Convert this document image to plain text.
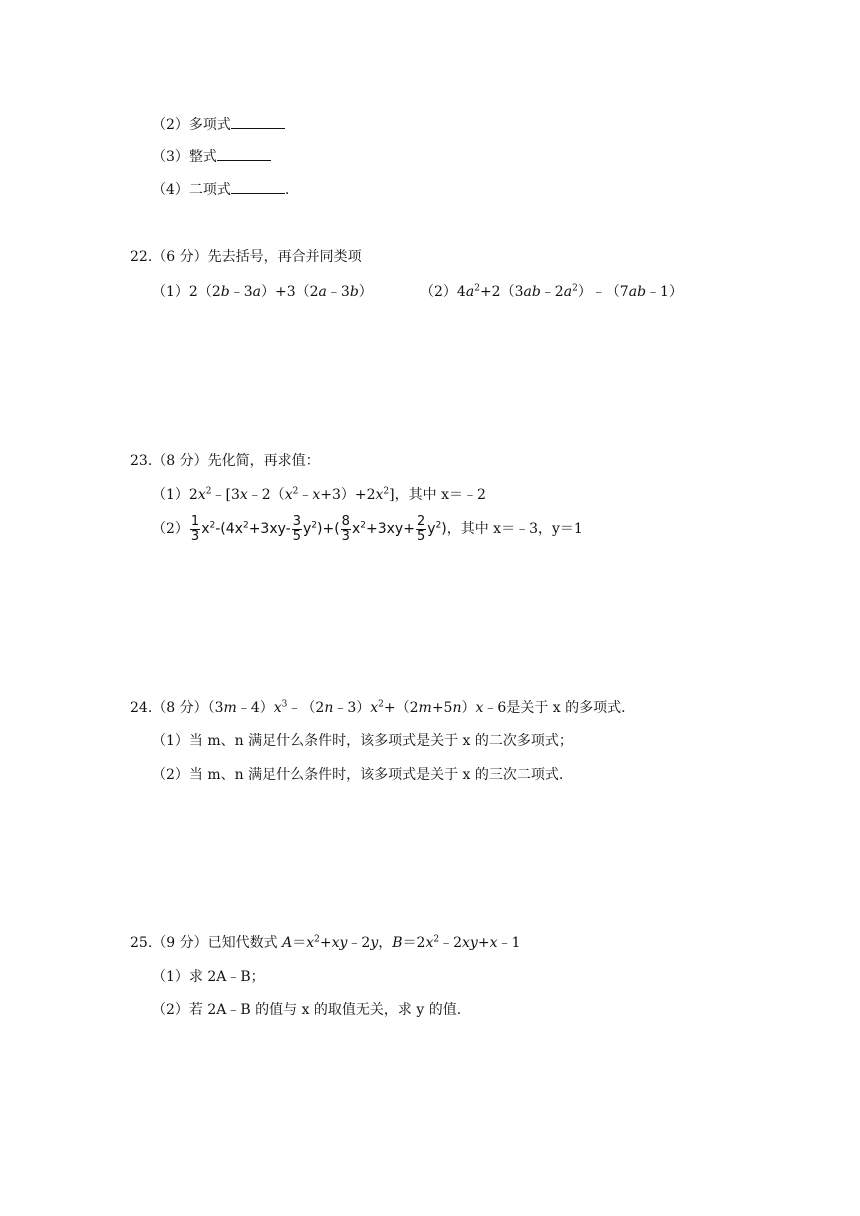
（2）多项式
（3）整式
（4）二项式	.
22.（6 分）先去括号，再合并同类项
（1）2（2b﹣3a）+3（2a﹣3b）	$(2)4a^2+2(3ab﹣2a^2)﹣(7ab﹣1)$
23.（8 分）先化简，再求值：
$(1)2x^2﹣[3x﹣2(x^2﹣x+3)+2x^2]$，其中 x＝﹣2
$(2) \frac{1}{3} x^2-(4x^2+3xy- \frac{3}{5} y^2)+( \frac{8}{3} x^2+3xy+ \frac{2}{5} y^2)$，其中 x＝﹣3，y＝1
24.（8 分）$(3m﹣4)x^3﹣(2n﹣3)x^2+(2m+5n)x﹣6$是关于 x 的多项式.
（1）当 m、n 满足什么条件时，该多项式是关于 x 的二次多项式；
（2）当 m、n 满足什么条件时，该多项式是关于 x 的三次二项式.
25.（9 分）已知代数式 $A=x^2+xy﹣2y$，$B=2x^2﹣2xy+x﹣1$
（1）求 2A﹣B；
（2）若 2A﹣B 的值与 x 的取值无关，求 y 的值.
